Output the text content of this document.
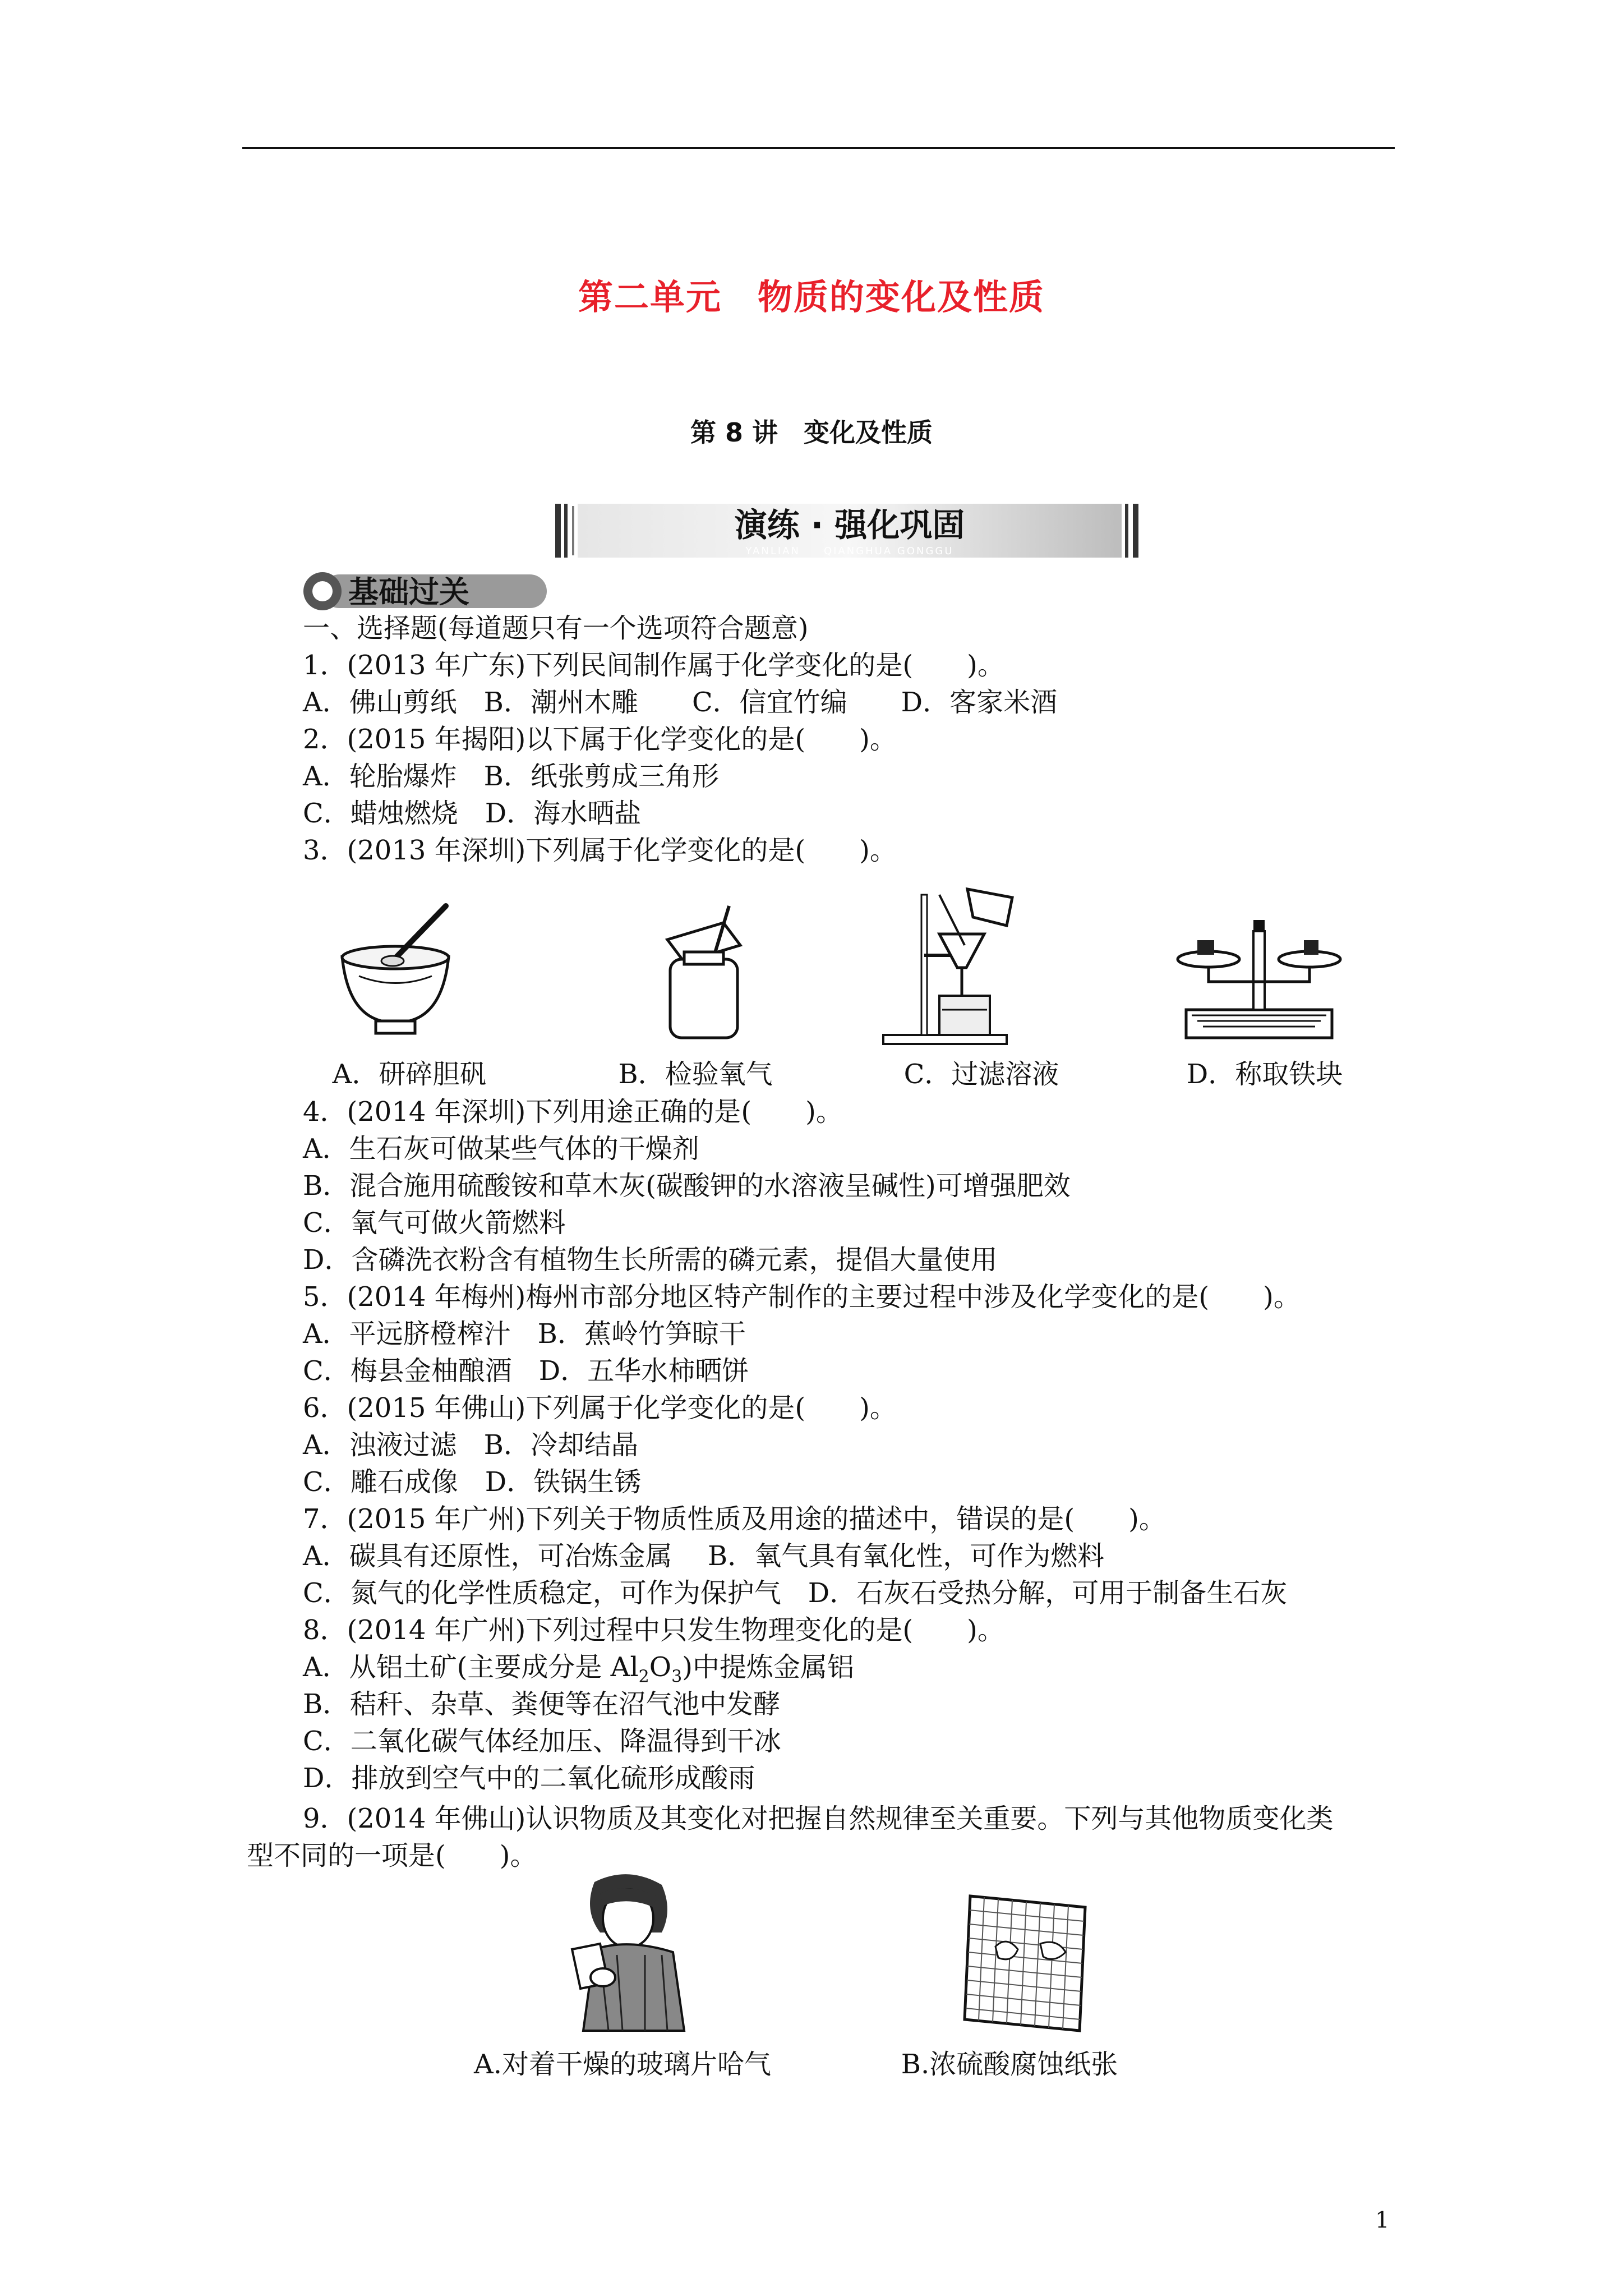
第二单元　物质的变化及性质
第 8 讲　变化及性质
演练 · 强化巩固
YANLIAN　　QIANGHUA GONGGU
基础过关
一、选择题(每道题只有一个选项符合题意)
1．(2013 年广东)下列民间制作属于化学变化的是(　　)。
A．佛山剪纸　B．潮州木雕　　C．信宜竹编　　D．客家米酒
2．(2015 年揭阳)以下属于化学变化的是(　　)。
A．轮胎爆炸　B．纸张剪成三角形
C．蜡烛燃烧　D．海水晒盐
3．(2013 年深圳)下列属于化学变化的是(　　)。
A．研碎胆矾	B．检验氧气	C．过滤溶液	D．称取铁块
4．(2014 年深圳)下列用途正确的是(　　)。
A．生石灰可做某些气体的干燥剂
B．混合施用硫酸铵和草木灰(碳酸钾的水溶液呈碱性)可增强肥效
C．氧气可做火箭燃料
D．含磷洗衣粉含有植物生长所需的磷元素，提倡大量使用
5．(2014 年梅州)梅州市部分地区特产制作的主要过程中涉及化学变化的是(　　)。
A．平远脐橙榨汁　B．蕉岭竹笋晾干
C．梅县金柚酿酒　D．五华水柿晒饼
6．(2015 年佛山)下列属于化学变化的是(　　)。
A．浊液过滤　B．冷却结晶
C．雕石成像　D．铁锅生锈
7．(2015 年广州)下列关于物质性质及用途的描述中，错误的是(　　)。
A．碳具有还原性，可冶炼金属　 B．氧气具有氧化性，可作为燃料
C．氮气的化学性质稳定，可作为保护气　D．石灰石受热分解，可用于制备生石灰
8．(2014 年广州)下列过程中只发生物理变化的是(　　)。
A．从铝土矿(主要成分是 $Al_2O_3$)中提炼金属铝
B．秸秆、杂草、粪便等在沼气池中发酵
C．二氧化碳气体经加压、降温得到干冰
D．排放到空气中的二氧化硫形成酸雨
9．(2014 年佛山)认识物质及其变化对把握自然规律至关重要。下列与其他物质变化类
型不同的一项是(　　)。
A.对着干燥的玻璃片哈气	B.浓硫酸腐蚀纸张
1
